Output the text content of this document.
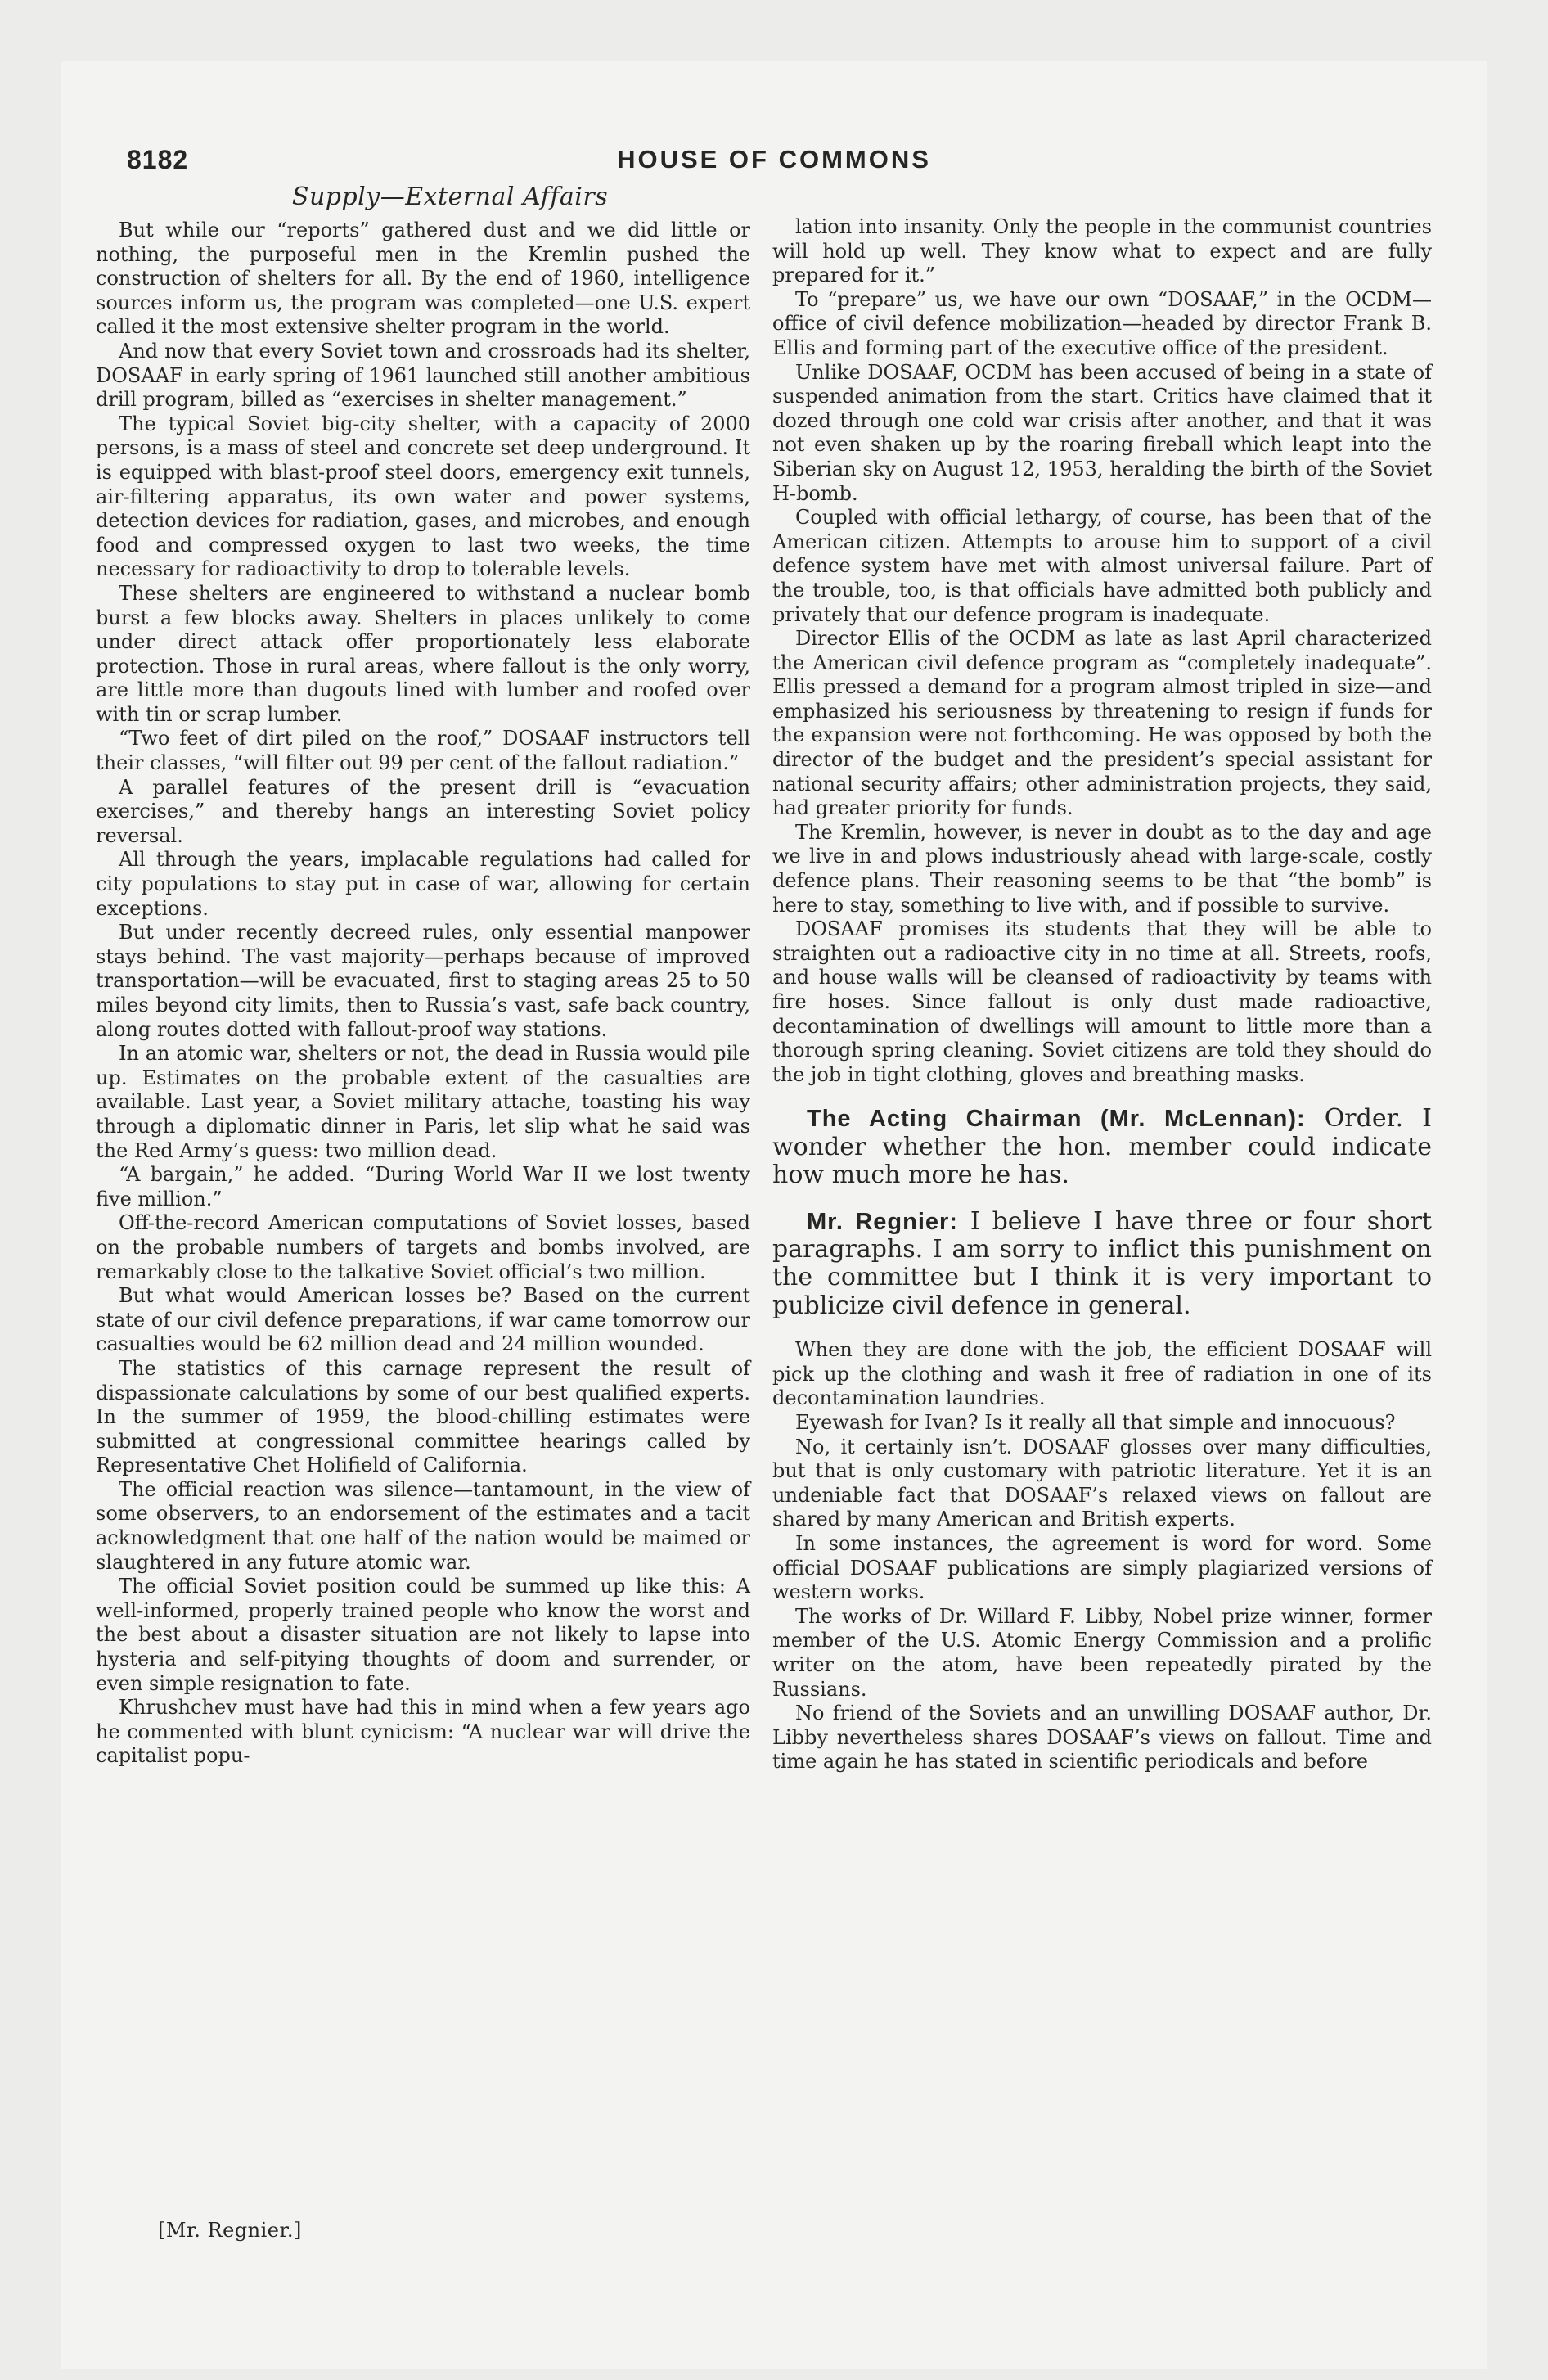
8182	HOUSE OF COMMONS
Supply—External Affairs

But while our “reports” gathered dust and we did little or nothing, the purposeful men in the Kremlin pushed the construction of shelters for all. By the end of 1960, intelligence sources inform us, the program was completed—one U.S. expert called it the most extensive shelter program in the world.

And now that every Soviet town and crossroads had its shelter, DOSAAF in early spring of 1961 launched still another ambitious drill program, billed as “exercises in shelter management.”

The typical Soviet big-city shelter, with a capacity of 2000 persons, is a mass of steel and concrete set deep underground. It is equipped with blast-proof steel doors, emergency exit tunnels, air-filtering apparatus, its own water and power systems, detection devices for radiation, gases, and microbes, and enough food and compressed oxygen to last two weeks, the time necessary for radioactivity to drop to tolerable levels.

These shelters are engineered to withstand a nuclear bomb burst a few blocks away. Shelters in places unlikely to come under direct attack offer proportionately less elaborate protection. Those in rural areas, where fallout is the only worry, are little more than dugouts lined with lumber and roofed over with tin or scrap lumber.

“Two feet of dirt piled on the roof,” DOSAAF instructors tell their classes, “will filter out 99 per cent of the fallout radiation.”

A parallel features of the present drill is “evacuation exercises,” and thereby hangs an interesting Soviet policy reversal.

All through the years, implacable regulations had called for city populations to stay put in case of war, allowing for certain exceptions.

But under recently decreed rules, only essential manpower stays behind. The vast majority—perhaps because of improved transportation—will be evacuated, first to staging areas 25 to 50 miles beyond city limits, then to Russia’s vast, safe back country, along routes dotted with fallout-proof way stations.

In an atomic war, shelters or not, the dead in Russia would pile up. Estimates on the probable extent of the casualties are available. Last year, a Soviet military attache, toasting his way through a diplomatic dinner in Paris, let slip what he said was the Red Army’s guess: two million dead.

“A bargain,” he added. “During World War II we lost twenty five million.”

Off-the-record American computations of Soviet losses, based on the probable numbers of targets and bombs involved, are remarkably close to the talkative Soviet official’s two million.

But what would American losses be? Based on the current state of our civil defence preparations, if war came tomorrow our casualties would be 62 million dead and 24 million wounded.

The statistics of this carnage represent the result of dispassionate calculations by some of our best qualified experts. In the summer of 1959, the blood-chilling estimates were submitted at congressional committee hearings called by Representative Chet Holifield of California.

The official reaction was silence—tantamount, in the view of some observers, to an endorsement of the estimates and a tacit acknowledgment that one half of the nation would be maimed or slaughtered in any future atomic war.

The official Soviet position could be summed up like this: A well-informed, properly trained people who know the worst and the best about a disaster situation are not likely to lapse into hysteria and self-pitying thoughts of doom and surrender, or even simple resignation to fate.

Khrushchev must have had this in mind when a few years ago he commented with blunt cynicism: “A nuclear war will drive the capitalist popu-

[Mr. Regnier.]

lation into insanity. Only the people in the communist countries will hold up well. They know what to expect and are fully prepared for it.”

To “prepare” us, we have our own “DOSAAF,” in the OCDM—office of civil defence mobilization—headed by director Frank B. Ellis and forming part of the executive office of the president.

Unlike DOSAAF, OCDM has been accused of being in a state of suspended animation from the start. Critics have claimed that it dozed through one cold war crisis after another, and that it was not even shaken up by the roaring fireball which leapt into the Siberian sky on August 12, 1953, heralding the birth of the Soviet H-bomb.

Coupled with official lethargy, of course, has been that of the American citizen. Attempts to arouse him to support of a civil defence system have met with almost universal failure. Part of the trouble, too, is that officials have admitted both publicly and privately that our defence program is inadequate.

Director Ellis of the OCDM as late as last April characterized the American civil defence program as “completely inadequate”. Ellis pressed a demand for a program almost tripled in size—and emphasized his seriousness by threatening to resign if funds for the expansion were not forthcoming. He was opposed by both the director of the budget and the president’s special assistant for national security affairs; other administration projects, they said, had greater priority for funds.

The Kremlin, however, is never in doubt as to the day and age we live in and plows industriously ahead with large-scale, costly defence plans. Their reasoning seems to be that “the bomb” is here to stay, something to live with, and if possible to survive.

DOSAAF promises its students that they will be able to straighten out a radioactive city in no time at all. Streets, roofs, and house walls will be cleansed of radioactivity by teams with fire hoses. Since fallout is only dust made radioactive, decontamination of dwellings will amount to little more than a thorough spring cleaning. Soviet citizens are told they should do the job in tight clothing, gloves and breathing masks.

The Acting Chairman (Mr. McLennan): Order. I wonder whether the hon. member could indicate how much more he has.

Mr. Regnier: I believe I have three or four short paragraphs. I am sorry to inflict this punishment on the committee but I think it is very important to publicize civil defence in general.

When they are done with the job, the efficient DOSAAF will pick up the clothing and wash it free of radiation in one of its decontamination laundries.

Eyewash for Ivan? Is it really all that simple and innocuous?

No, it certainly isn’t. DOSAAF glosses over many difficulties, but that is only customary with patriotic literature. Yet it is an undeniable fact that DOSAAF’s relaxed views on fallout are shared by many American and British experts.

In some instances, the agreement is word for word. Some official DOSAAF publications are simply plagiarized versions of western works.

The works of Dr. Willard F. Libby, Nobel prize winner, former member of the U.S. Atomic Energy Commission and a prolific writer on the atom, have been repeatedly pirated by the Russians.

No friend of the Soviets and an unwilling DOSAAF author, Dr. Libby nevertheless shares DOSAAF’s views on fallout. Time and time again he has stated in scientific periodicals and before
